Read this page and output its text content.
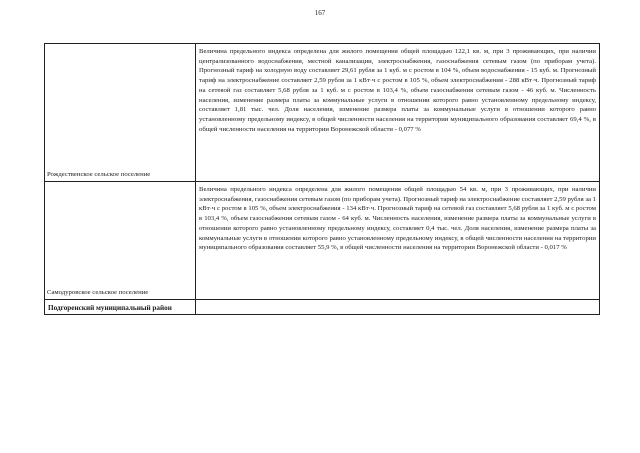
167
Рождественское сельское поселение	Величина предельного индекса определена для жилого помещения общей площадью 122,1 кв. м, при 3 проживающих, при наличии централизованного водоснабжения, местной канализации, электроснабжения, газоснабжения сетевым газом (по приборам учета). Прогнозный тариф на холодную воду составляет 29,61 рубля за 1 куб. м с ростом в 104 %, объем водоснабжения - 15 куб. м. Прогнозный тариф на электроснабжение составляет 2,59 рубля за 1 кВт·ч с ростом в 105 %, объем электроснабжения - 288 кВт·ч. Прогнозный тариф на сетевой газ составляет 5,68 рубля за 1 куб. м с ростом в 103,4 %, объем газоснабжения сетевым газом - 46 куб. м. Численность населения, изменение размера платы за коммунальные услуги в отношении которого равно установленному предельному индексу, составляет 1,81 тыс. чел. Доля населения, изменение размера платы за коммунальные услуги в отношении которого равно установленному предельному индексу, в общей численности населения на территории муниципального образования составляет 69,4 %, в общей численности населения на территории Воронежской области - 0,077 %

Самодуровское сельское поселение	Величина предельного индекса определена для жилого помещения общей площадью 54 кв. м, при 3 проживающих, при наличии электроснабжения, газоснабжения сетевым газом (по приборам учета). Прогнозный тариф на электроснабжение составляет 2,59 рубля за 1 кВт·ч с ростом в 105 %, объем электроснабжения - 134 кВт·ч. Прогнозный тариф на сетевой газ составляет 5,68 рубля за 1 куб. м с ростом в 103,4 %, объем газоснабжения сетевым газом - 64 куб. м. Численность населения, изменение размера платы за коммунальные услуги в отношении которого равно установленному предельному индексу, составляет 0,4 тыс. чел. Доля населения, изменение размера платы за коммунальные услуги в отношении которого равно установленному предельному индексу, в общей численности населения на территории муниципального образования составляет 55,9 %, в общей численности населения на территории Воронежской области - 0,017 %

Подгоренский муниципальный район	
